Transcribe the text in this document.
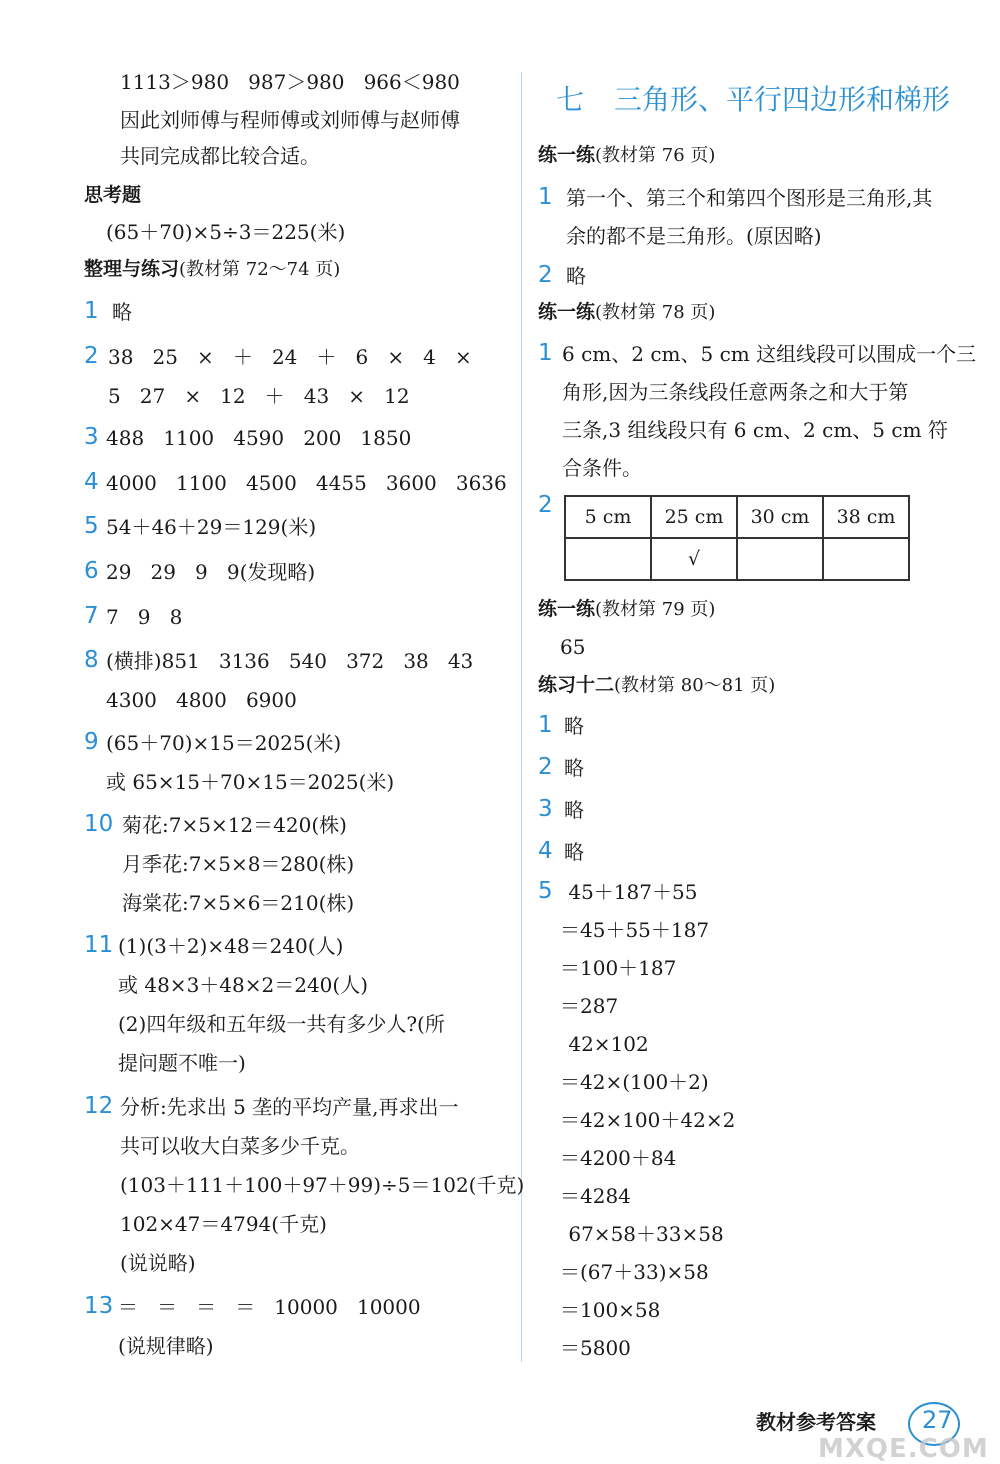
1113＞980   987＞980   966＜980
因此刘师傅与程师傅或刘师傅与赵师傅
共同完成都比较合适。
思考题
(65＋70)×5÷3＝225(米)
整理与练习(教材第 72～74 页)
1 略
2 38   25   ×   ＋   24   ＋   6   ×   4   ×
5   27   ×   12   ＋   43   ×   12
3 488   1100   4590   200   1850
4 4000   1100   4500   4455   3600   3636
5 54＋46＋29＝129(米)
6 29   29   9   9(发现略)
7 7   9   8
8 (横排)851   3136   540   372   38   43
4300   4800   6900
9 (65＋70)×15＝2025(米)
或 65×15＋70×15＝2025(米)
10 菊花:7×5×12＝420(株)
月季花:7×5×8＝280(株)
海棠花:7×5×6＝210(株)
11 (1)(3＋2)×48＝240(人)
或 48×3＋48×2＝240(人)
(2)四年级和五年级一共有多少人?(所
提问题不唯一)
12 分析:先求出 5 垄的平均产量,再求出一
共可以收大白菜多少千克。
(103＋111＋100＋97＋99)÷5＝102(千克)
102×47＝4794(千克)
(说说略)
13 ＝   ＝   ＝   ＝   10000   10000
(说规律略)
七 三角形、平行四边形和梯形
练一练(教材第 76 页)
1 第一个、第三个和第四个图形是三角形,其
余的都不是三角形。(原因略)
2 略
练一练(教材第 78 页)
1 6 cm、2 cm、5 cm 这组线段可以围成一个三
角形,因为三条线段任意两条之和大于第
三条,3 组线段只有 6 cm、2 cm、5 cm 符
合条件。
2 5 cm	25 cm	30 cm	38 cm
	√		
练一练(教材第 79 页)
65
练习十二(教材第 80～81 页)
1 略
2 略
3 略
4 略
5 45＋187＋55
＝45＋55＋187
＝100＋187
＝287
42×102
＝42×(100＋2)
＝42×100＋42×2
＝4200＋84
＝4284
67×58＋33×58
＝(67＋33)×58
＝100×58
＝5800
教材参考答案 27
MXQE.COM
